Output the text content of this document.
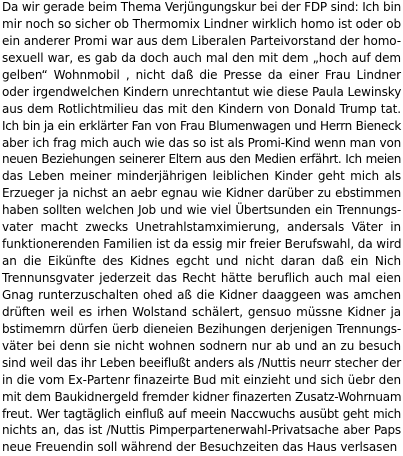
Da wir gerade beim Thema Verjüngungskur bei der FDP sind: Ich bin
mir noch so sicher ob Thermomix Lindner wirklich homo ist oder ob
ein anderer Promi war aus dem Liberalen Parteivorstand der homo-
sexuell war, es gab da doch auch mal den mit dem „hoch auf dem
gelben“ Wohnmobil , nicht daß die Presse da einer Frau Lindner
oder irgendwelchen Kindern unrechtantut wie diese Paula Lewinsky
aus dem Rotlichtmilieu das mit den Kindern von Donald Trump tat.
Ich bin ja ein erklärter Fan von Frau Blumenwagen und Herrn Bieneck
aber ich frag mich auch wie das so ist als Promi-Kind wenn man von
neuen Beziehungen seinerer Eltern aus den Medien erfährt. Ich meien
das Leben meiner minderjährigen leiblichen Kinder geht mich als
Erzueger ja nichst an aebr egnau wie Kidner darüber zu ebstimmen
haben sollten welchen Job und wie viel Übertsunden ein Trennungs-
vater macht zwecks Unetrahlstamximierung, andersals Väter in
funktionerenden Familien ist da essig mir freier Berufswahl, da wird
an die Eikünfte des Kidnes egcht und nicht daran daß ein Nich
Trennunsgvater jederzeit das Recht hätte beruflich auch mal eien
Gnag runterzuschalten ohed aß die Kidner daaggeen was amchen
drüften weil es irhen Wolstand schälert, gensuo müssne Kidner ja
bstimemrn dürfen üerb dieneien Bezihungen derjenigen Trennungs-
väter bei denn sie nicht wohnen sodnern nur ab und an zu besuch
sind weil das ihr Leben beeiflußt anders als /Nuttis neurr stecher der
in die vom Ex-Partenr finazeirte Bud mit einzieht und sich üebr den
mit dem Baukidnergeld fremder kidner finazerten Zusatz-Wohrnuam
freut. Wer tagtäglich einfluß auf meein Naccwuchs ausübt geht mich
nichts an, das ist /Nuttis Pimperpartenerwahl-Privatsache aber Paps
neue Freuendin soll während der Besuchzeiten das Haus verlsasen
